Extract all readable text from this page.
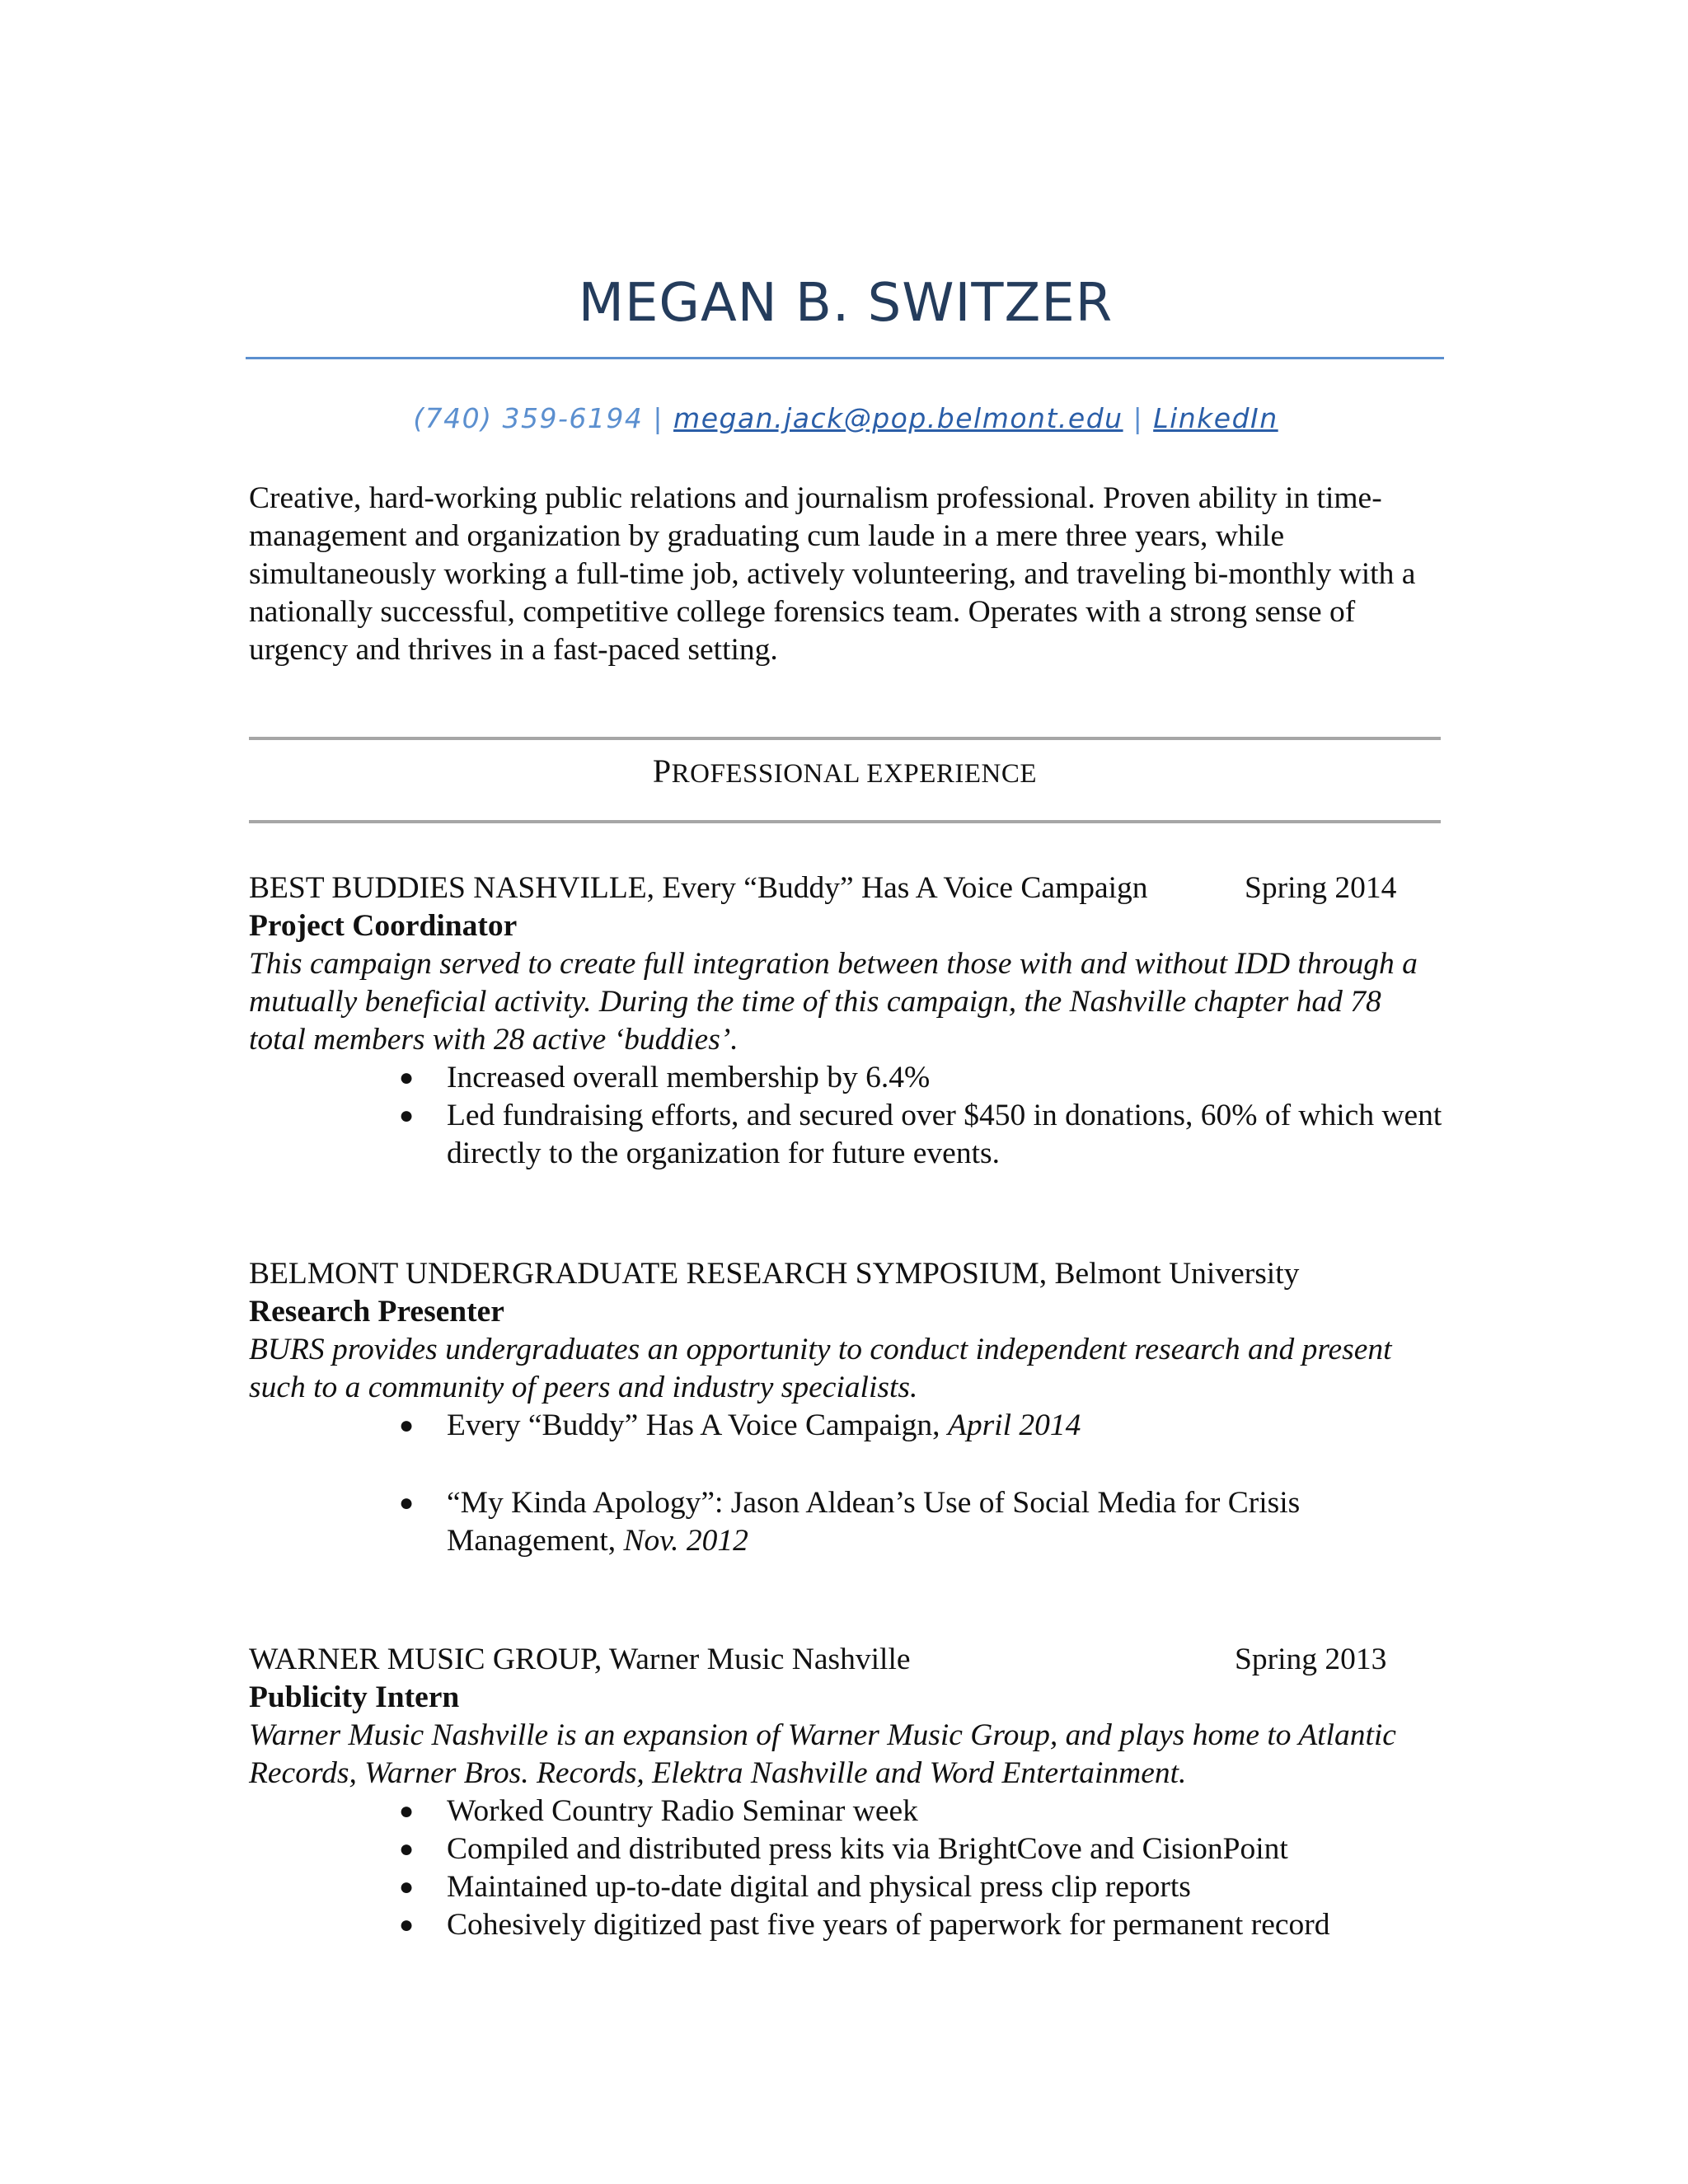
MEGAN B. SWITZER
(740) 359-6194 | megan.jack@pop.belmont.edu | LinkedIn

Creative, hard-working public relations and journalism professional. Proven ability in time-management and organization by graduating cum laude in a mere three years, while simultaneously working a full-time job, actively volunteering, and traveling bi-monthly with a nationally successful, competitive college forensics team. Operates with a strong sense of urgency and thrives in a fast-paced setting.

PROFESSIONAL EXPERIENCE
BEST BUDDIES NASHVILLE, Every “Buddy” Has A Voice Campaign	Spring 2014

Project Coordinator

This campaign served to create full integration between those with and without IDD through a mutually beneficial activity. During the time of this campaign, the Nashville chapter had 78 total members with 28 active ‘buddies’.

● Increased overall membership by 6.4%
● Led fundraising efforts, and secured over $450 in donations, 60% of which went directly to the organization for future events.
BELMONT UNDERGRADUATE RESEARCH SYMPOSIUM, Belmont University

Research Presenter

BURS provides undergraduates an opportunity to conduct independent research and present such to a community of peers and industry specialists.

● Every “Buddy” Has A Voice Campaign, April 2014
● “My Kinda Apology”: Jason Aldean’s Use of Social Media for Crisis Management, Nov. 2012
WARNER MUSIC GROUP, Warner Music Nashville	Spring 2013

Publicity Intern

Warner Music Nashville is an expansion of Warner Music Group, and plays home to Atlantic Records, Warner Bros. Records, Elektra Nashville and Word Entertainment.

● Worked Country Radio Seminar week
● Compiled and distributed press kits via BrightCove and CisionPoint
● Maintained up-to-date digital and physical press clip reports
● Cohesively digitized past five years of paperwork for permanent record
